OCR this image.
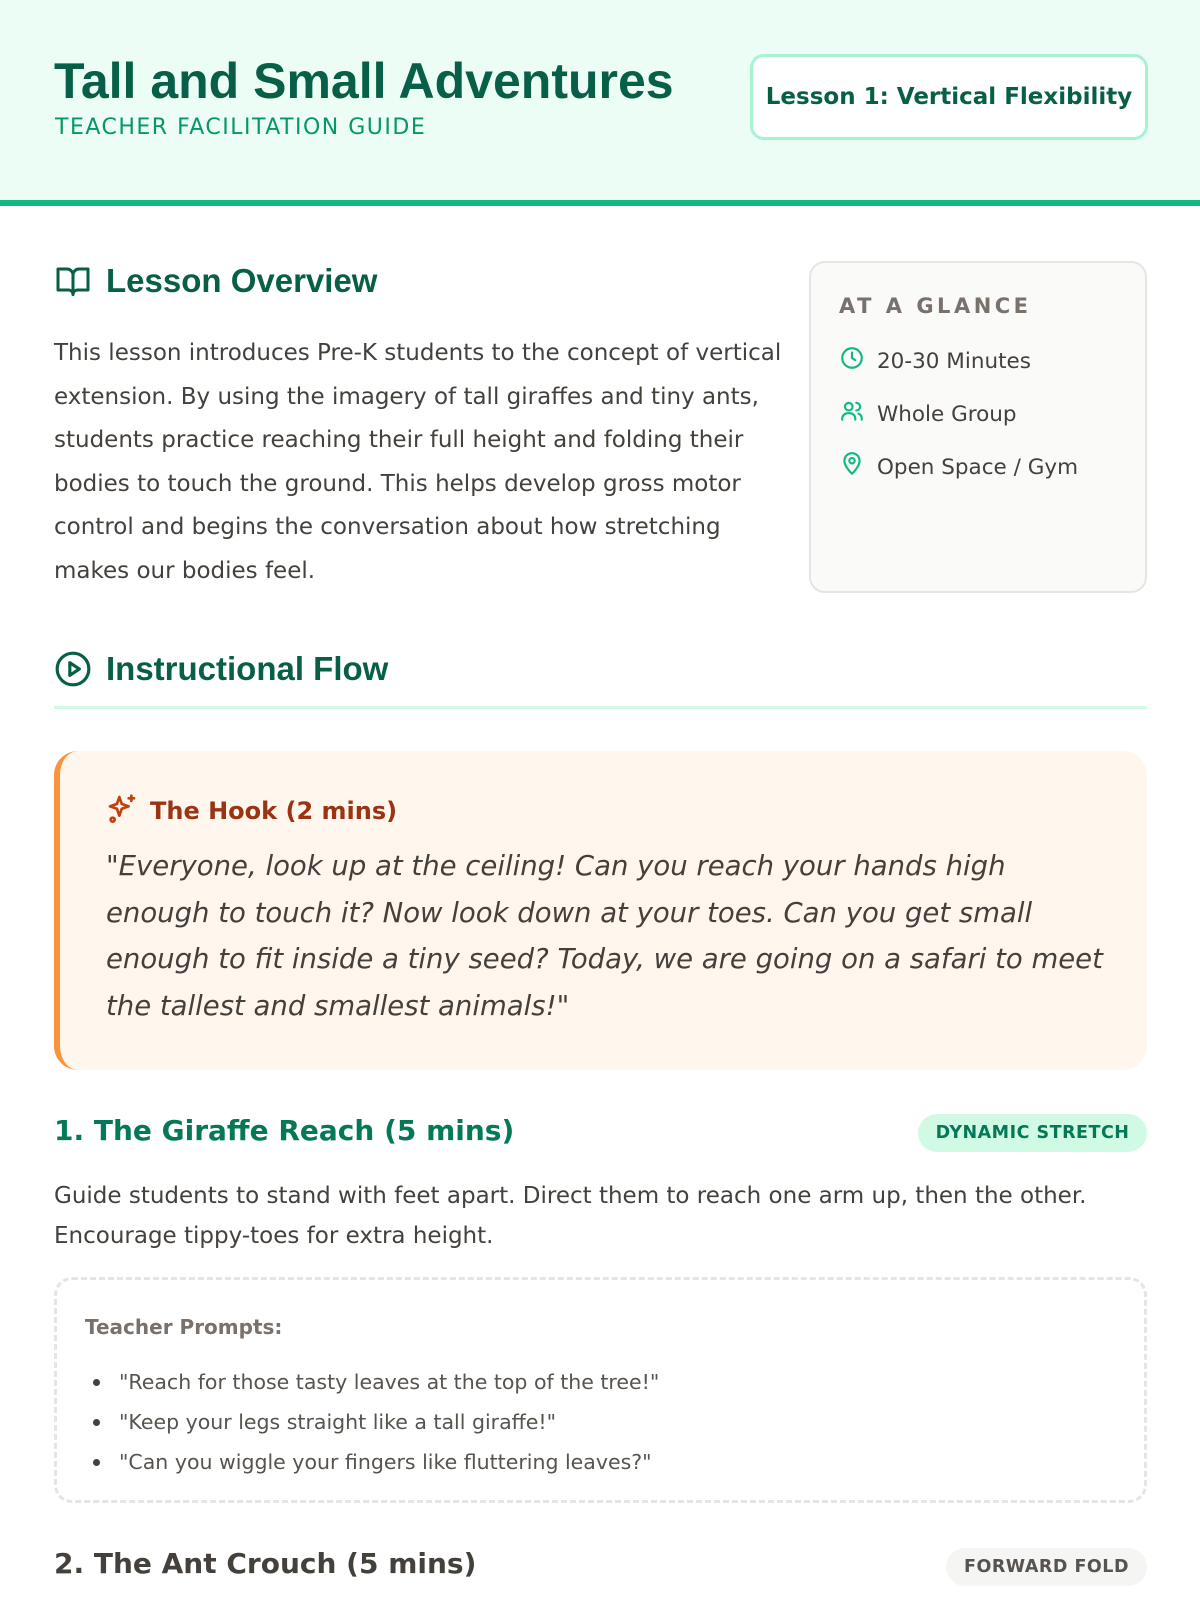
Tall and Small Adventures
TEACHER FACILITATION GUIDE
Lesson 1: Vertical Flexibility
Lesson Overview

This lesson introduces Pre-K students to the concept of vertical extension. By using the imagery of tall giraffes and tiny ants, students practice reaching their full height and folding their bodies to touch the ground. This helps develop gross motor control and begins the conversation about how stretching makes our bodies feel.

AT A GLANCE
20-30 Minutes
Whole Group
Open Space / Gym
Instructional Flow
The Hook (2 mins)

"Everyone, look up at the ceiling! Can you reach your hands high enough to touch it? Now look down at your toes. Can you get small enough to fit inside a tiny seed? Today, we are going on a safari to meet the tallest and smallest animals!"

1. The Giraffe Reach (5 mins)	DYNAMIC STRETCH

Guide students to stand with feet apart. Direct them to reach one arm up, then the other. Encourage tippy-toes for extra height.

Teacher Prompts:
"Reach for those tasty leaves at the top of the tree!"
"Keep your legs straight like a tall giraffe!"
"Can you wiggle your fingers like fluttering leaves?"
2. The Ant Crouch (5 mins)	FORWARD FOLD
